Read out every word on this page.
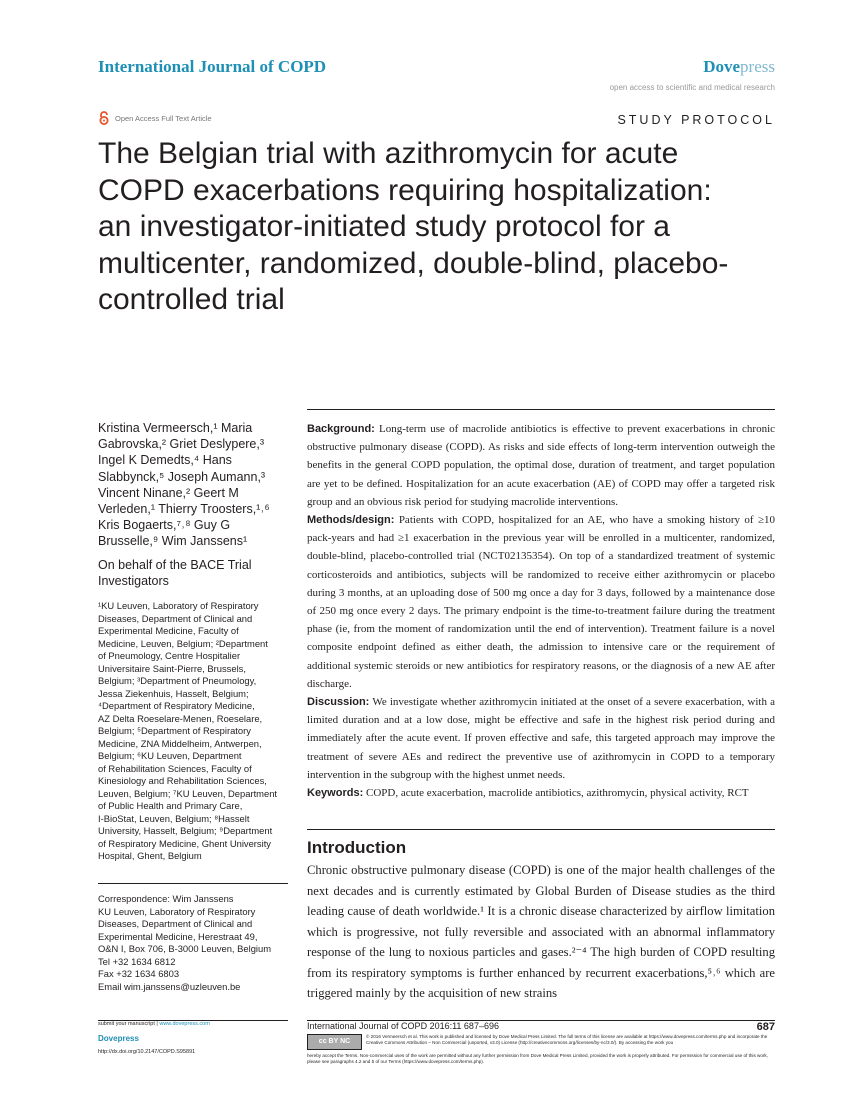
International Journal of COPD	Dovepress
open access to scientific and medical research
Open Access Full Text Article	STUDY PROTOCOL
The Belgian trial with azithromycin for acute
COPD exacerbations requiring hospitalization:
an investigator-initiated study protocol for a
multicenter, randomized, double-blind, placebo-
controlled trial
Kristina Vermeersch,¹ Maria
Gabrovska,² Griet Deslypere,³
Ingel K Demedts,⁴ Hans
Slabbynck,⁵ Joseph Aumann,³
Vincent Ninane,² Geert M
Verleden,¹ Thierry Troosters,¹˒⁶
Kris Bogaerts,⁷˒⁸ Guy G
Brusselle,⁹ Wim Janssens¹
On behalf of the BACE Trial
Investigators
¹KU Leuven, Laboratory of Respiratory
Diseases, Department of Clinical and
Experimental Medicine, Faculty of
Medicine, Leuven, Belgium; ²Department
of Pneumology, Centre Hospitalier
Universitaire Saint-Pierre, Brussels,
Belgium; ³Department of Pneumology,
Jessa Ziekenhuis, Hasselt, Belgium;
⁴Department of Respiratory Medicine,
AZ Delta Roeselare-Menen, Roeselare,
Belgium; ⁵Department of Respiratory
Medicine, ZNA Middelheim, Antwerpen,
Belgium; ⁶KU Leuven, Department
of Rehabilitation Sciences, Faculty of
Kinesiology and Rehabilitation Sciences,
Leuven, Belgium; ⁷KU Leuven, Department
of Public Health and Primary Care,
I-BioStat, Leuven, Belgium; ⁸Hasselt
University, Hasselt, Belgium; ⁹Department
of Respiratory Medicine, Ghent University
Hospital, Ghent, Belgium
Correspondence: Wim Janssens
KU Leuven, Laboratory of Respiratory
Diseases, Department of Clinical and
Experimental Medicine, Herestraat 49,
O&N I, Box 706, B-3000 Leuven, Belgium
Tel +32 1634 6812
Fax +32 1634 6803
Email wim.janssens@uzleuven.be

Background: Long-term use of macrolide antibiotics is effective to prevent exacerbations in chronic obstructive pulmonary disease (COPD). As risks and side effects of long-term intervention outweigh the benefits in the general COPD population, the optimal dose, duration of treatment, and target population are yet to be defined. Hospitalization for an acute exacerbation (AE) of COPD may offer a targeted risk group and an obvious risk period for studying macrolide interventions.

Methods/design: Patients with COPD, hospitalized for an AE, who have a smoking history of ≥10 pack-years and had ≥1 exacerbation in the previous year will be enrolled in a multicenter, randomized, double-blind, placebo-controlled trial (NCT02135354). On top of a standardized treatment of systemic corticosteroids and antibiotics, subjects will be randomized to receive either azithromycin or placebo during 3 months, at an uploading dose of 500 mg once a day for 3 days, followed by a maintenance dose of 250 mg once every 2 days. The primary endpoint is the time-to-treatment failure during the treatment phase (ie, from the moment of randomization until the end of intervention). Treatment failure is a novel composite endpoint defined as either death, the admission to intensive care or the requirement of additional systemic steroids or new antibiotics for respiratory reasons, or the diagnosis of a new AE after discharge.

Discussion: We investigate whether azithromycin initiated at the onset of a severe exacerbation, with a limited duration and at a low dose, might be effective and safe in the highest risk period during and immediately after the acute event. If proven effective and safe, this targeted approach may improve the treatment of severe AEs and redirect the preventive use of azithromycin in COPD to a temporary intervention in the subgroup with the highest unmet needs.

Keywords: COPD, acute exacerbation, macrolide antibiotics, azithromycin, physical activity, RCT

Introduction

Chronic obstructive pulmonary disease (COPD) is one of the major health challenges of the next decades and is currently estimated by Global Burden of Disease studies as the third leading cause of death worldwide.¹ It is a chronic disease characterized by airflow limitation which is progressive, not fully reversible and associated with an abnormal inflammatory response of the lung to noxious particles and gases.²⁻⁴ The high burden of COPD resulting from its respiratory symptoms is further enhanced by recurrent exacerbations,⁵˒⁶ which are triggered mainly by the acquisition of new strains

submit your manuscript | www.dovepress.com
Dovepress
http://dx.doi.org/10.2147/COPD.S95891
International Journal of COPD 2016:11 687–696	687
cc BY NC
© 2016 Vermeersch et al. This work is published and licensed by Dove Medical Press Limited. The full terms of this license are available at https://www.dovepress.com/terms.php and incorporate the Creative Commons Attribution – Non Commercial (unported, v3.0) License (http://creativecommons.org/licenses/by-nc/3.0/). By accessing the work you
hereby accept the Terms. Non-commercial uses of the work are permitted without any further permission from Dove Medical Press Limited, provided the work is properly attributed. For permission for commercial use of this work, please see paragraphs 4.2 and 5 of our Terms (https://www.dovepress.com/terms.php).
